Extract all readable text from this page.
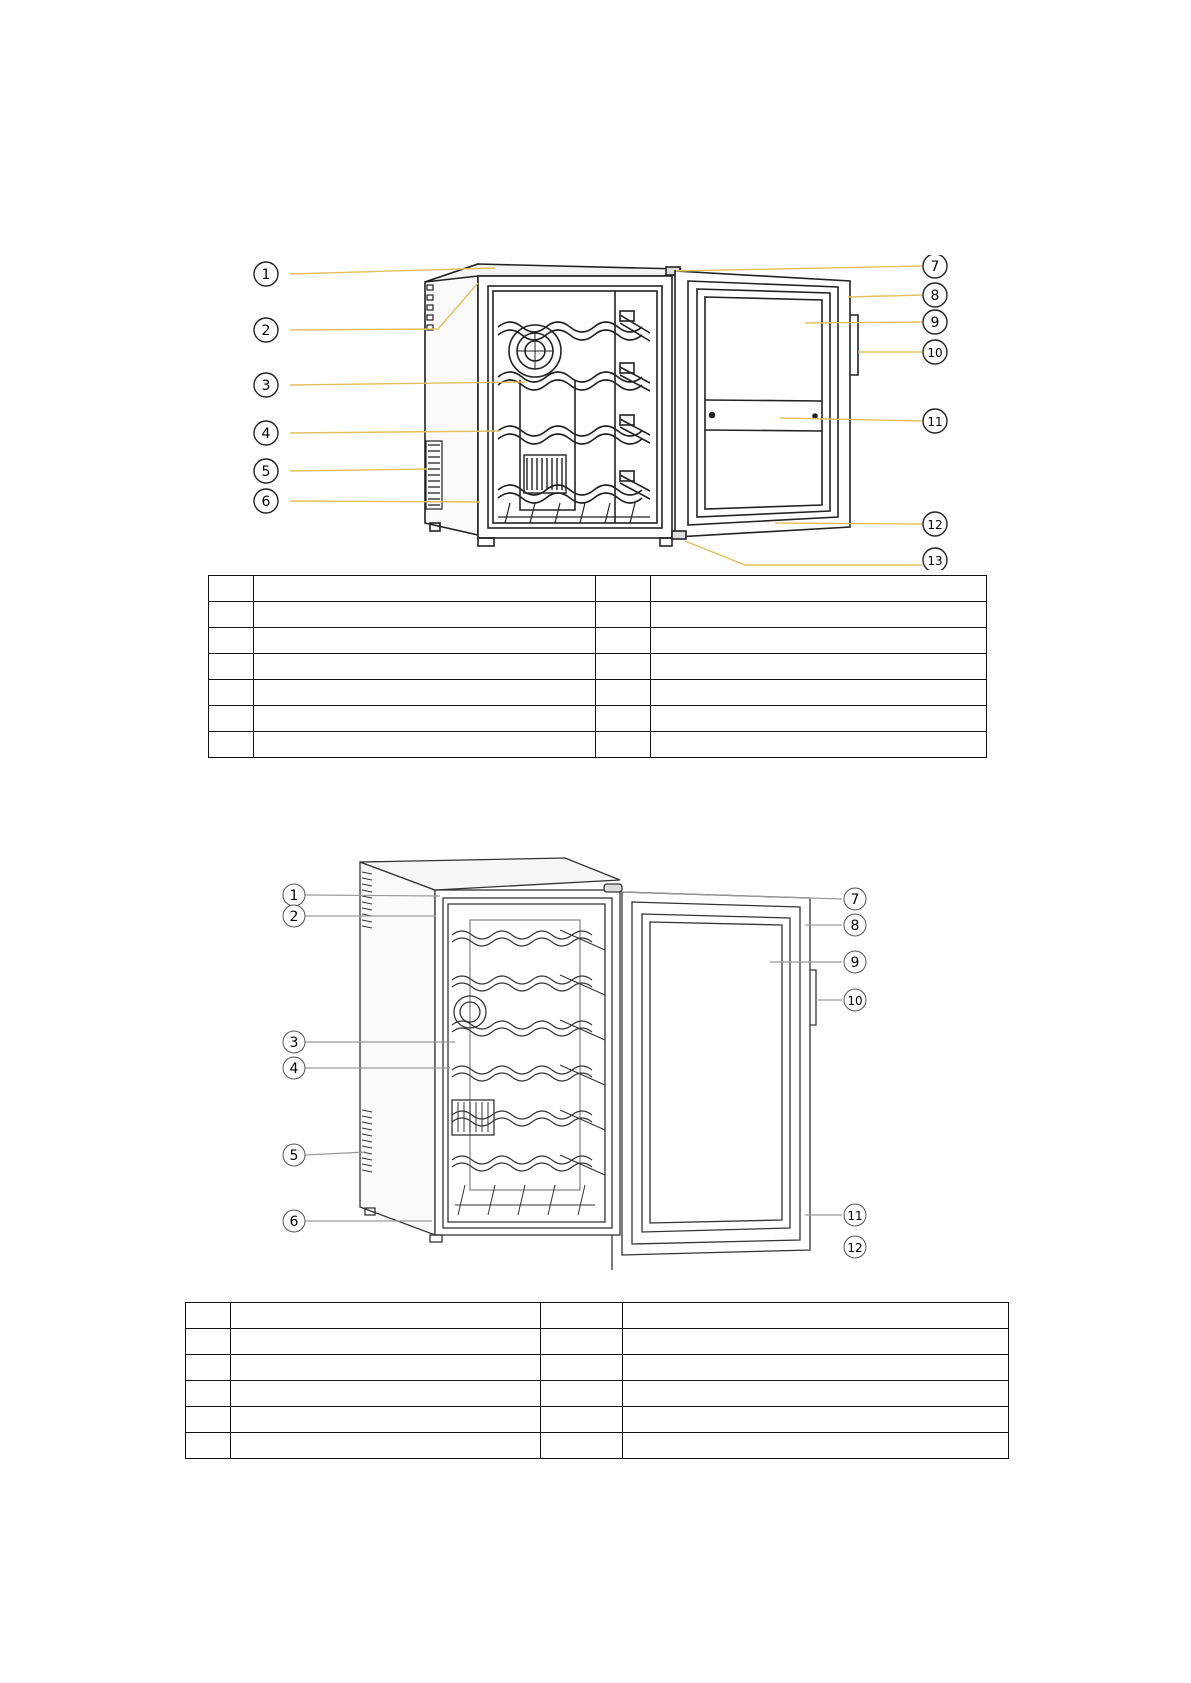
1
2
3
4
5
6
7
8
9
10
11
12
13

1
2
3
4
5
6
7
8
9
10
11
12
